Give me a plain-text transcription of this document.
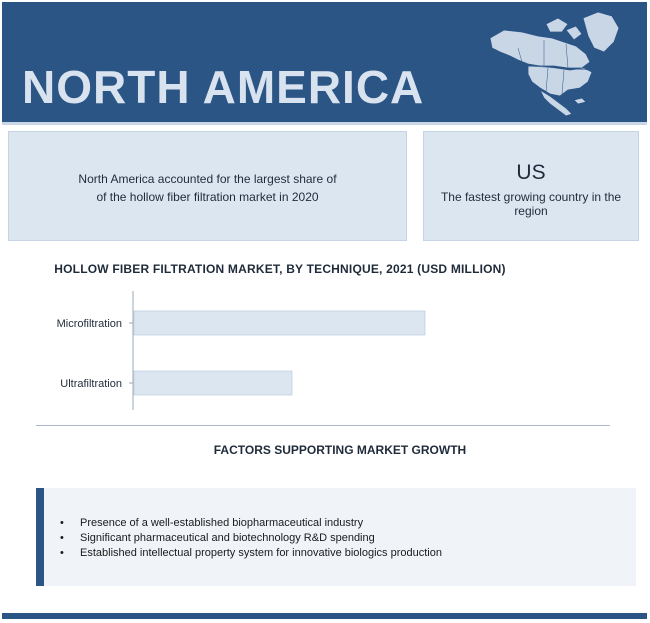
NORTH AMERICA
North America accounted for the largest share of
of the hollow fiber filtration market in 2020
US
The fastest growing country in the region
HOLLOW FIBER FILTRATION MARKET, BY TECHNIQUE, 2021 (USD MILLION)
Microfiltration
Ultrafiltration
FACTORS SUPPORTING MARKET GROWTH
• Presence of a well-established biopharmaceutical industry
• Significant pharmaceutical and biotechnology R&D spending
• Established intellectual property system for innovative biologics production
